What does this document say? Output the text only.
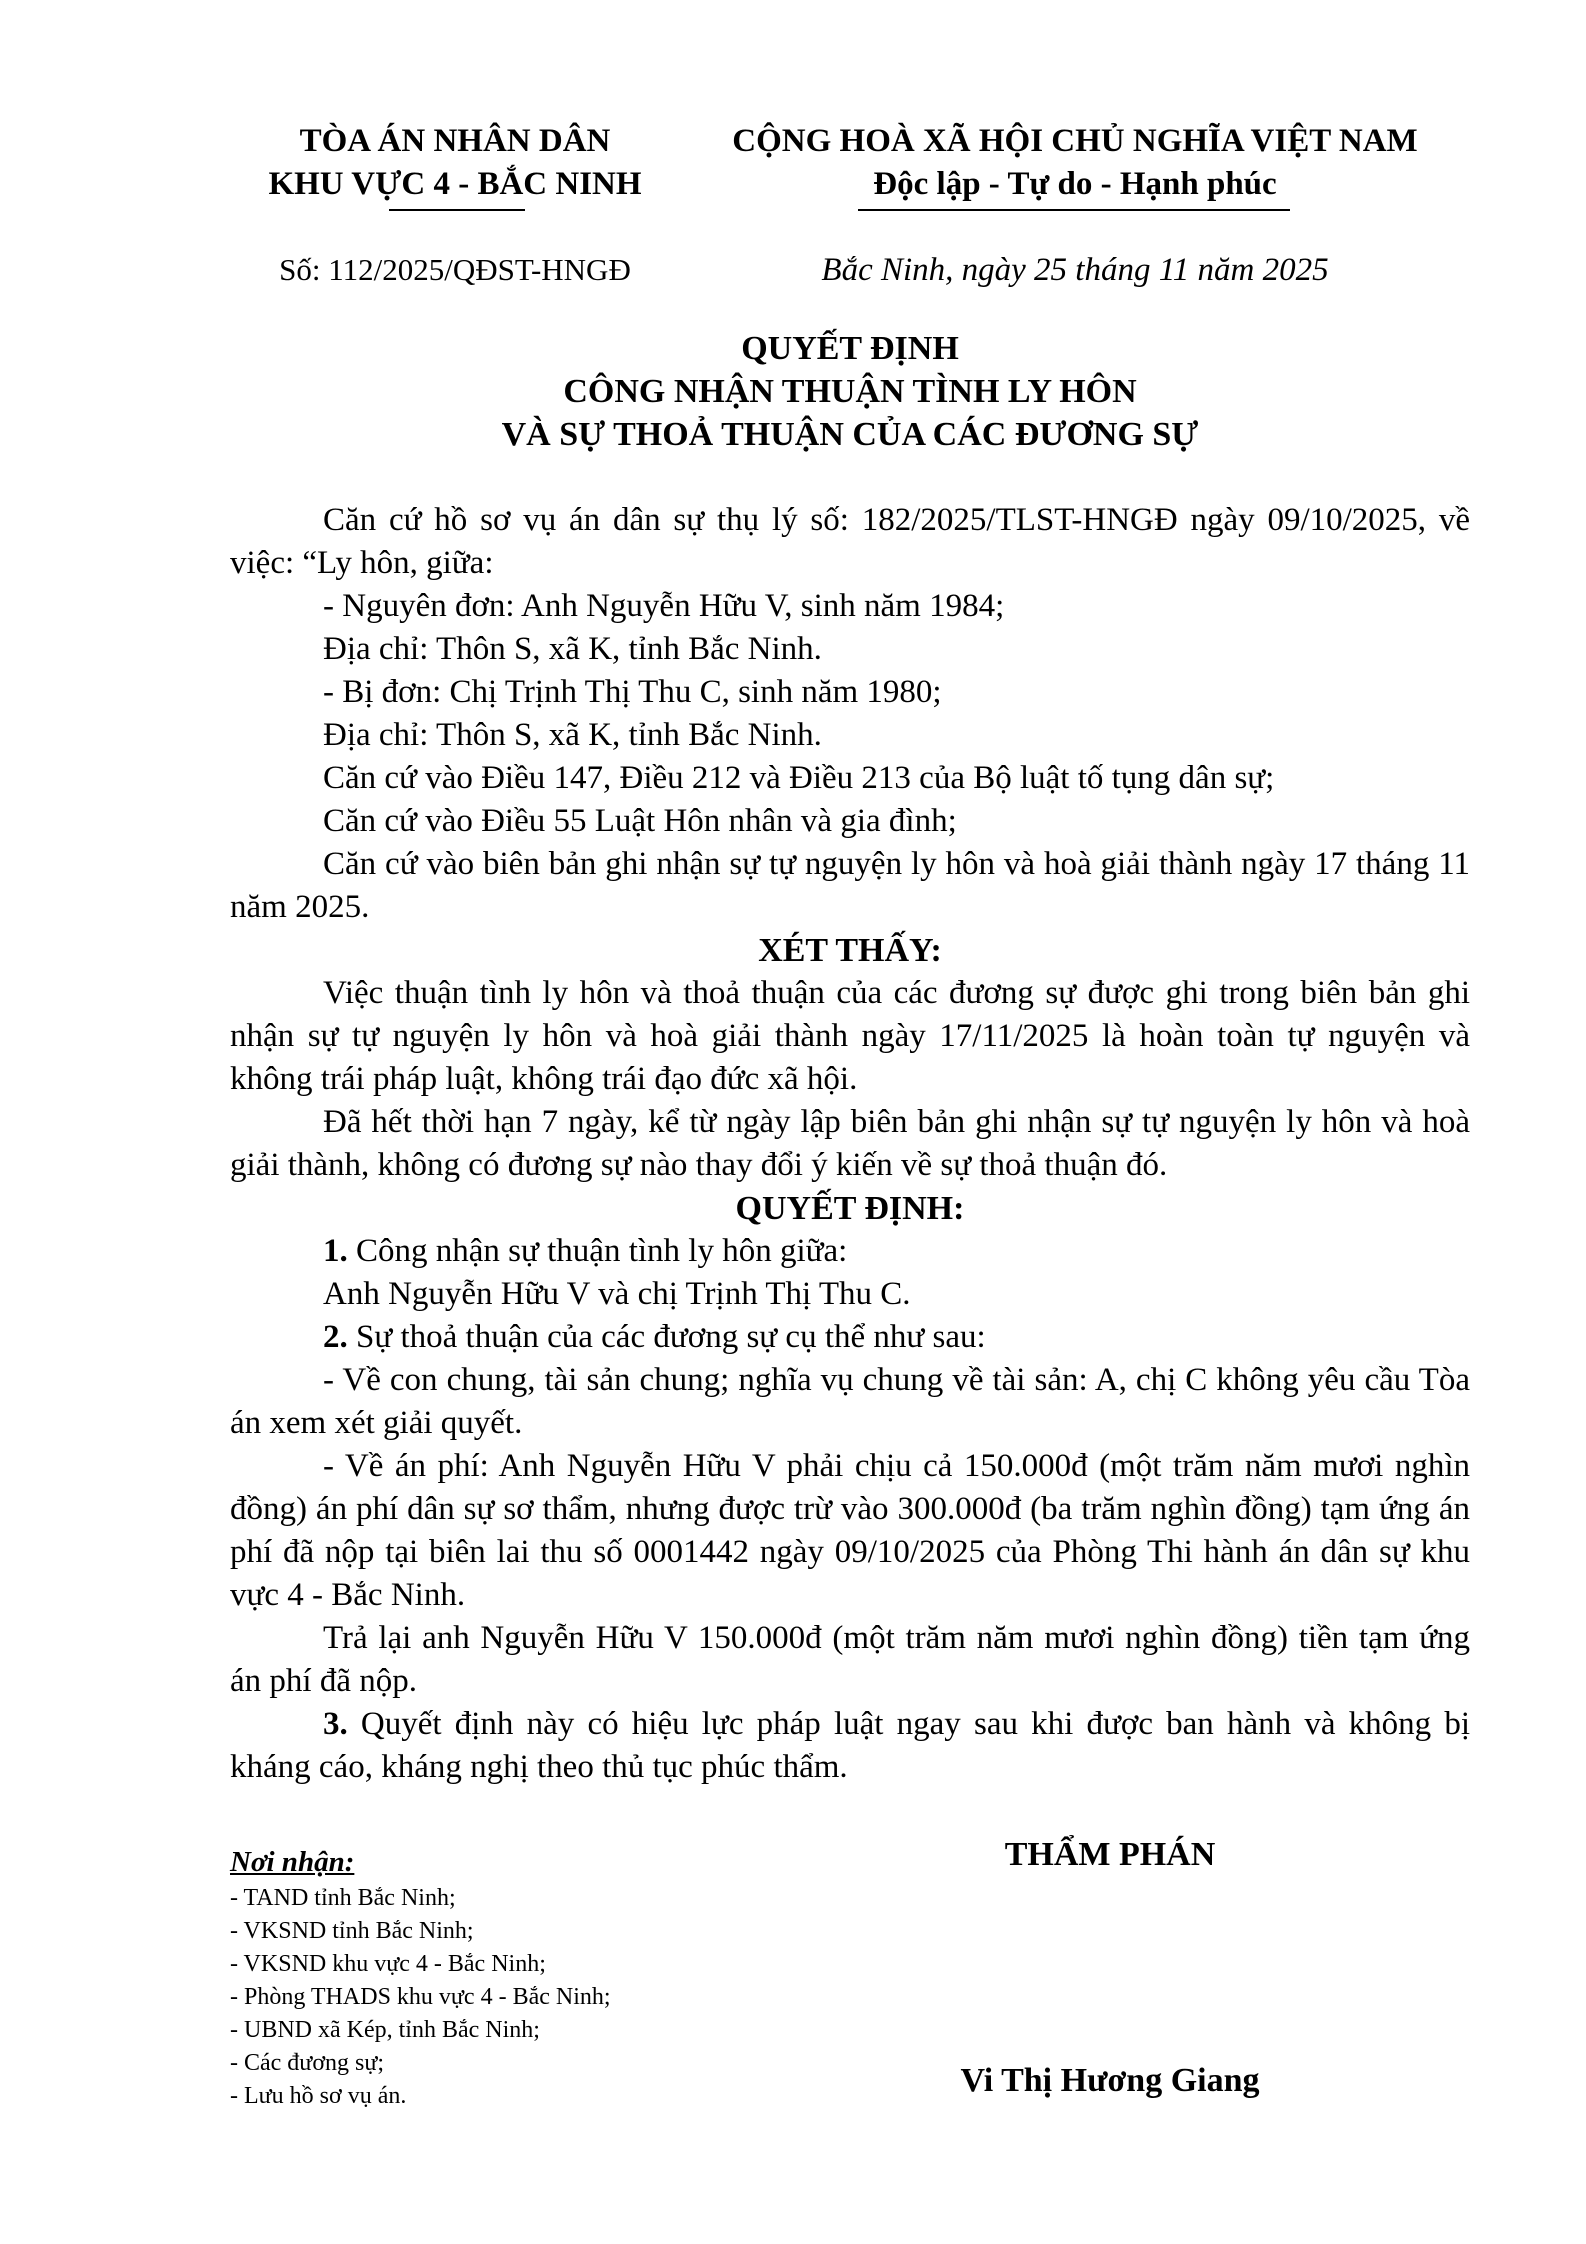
TÒA ÁN NHÂN DÂN
KHU VỰC 4 - BẮC NINH
CỘNG HOÀ XÃ HỘI CHỦ NGHĨA VIỆT NAM
Độc lập - Tự do - Hạnh phúc
Số: 112/2025/QĐST-HNGĐ	Bắc Ninh, ngày 25 tháng 11 năm 2025
QUYẾT ĐỊNH
CÔNG NHẬN THUẬN TÌNH LY HÔN
VÀ SỰ THOẢ THUẬN CỦA CÁC ĐƯƠNG SỰ

Căn cứ hồ sơ vụ án dân sự thụ lý số: 182/2025/TLST-HNGĐ ngày 09/10/2025, về việc: “Ly hôn, giữa:

- Nguyên đơn: Anh Nguyễn Hữu V, sinh năm 1984;

Địa chỉ: Thôn S, xã K, tỉnh Bắc Ninh.

- Bị đơn: Chị Trịnh Thị Thu C, sinh năm 1980;

Địa chỉ: Thôn S, xã K, tỉnh Bắc Ninh.

Căn cứ vào Điều 147, Điều 212 và Điều 213 của Bộ luật tố tụng dân sự;

Căn cứ vào Điều 55 Luật Hôn nhân và gia đình;

Căn cứ vào biên bản ghi nhận sự tự nguyện ly hôn và hoà giải thành ngày 17 tháng 11 năm 2025.

XÉT THẤY:

Việc thuận tình ly hôn và thoả thuận của các đương sự được ghi trong biên bản ghi nhận sự tự nguyện ly hôn và hoà giải thành ngày 17/11/2025 là hoàn toàn tự nguyện và không trái pháp luật, không trái đạo đức xã hội.

Đã hết thời hạn 7 ngày, kể từ ngày lập biên bản ghi nhận sự tự nguyện ly hôn và hoà giải thành, không có đương sự nào thay đổi ý kiến về sự thoả thuận đó.

QUYẾT ĐỊNH:

1. Công nhận sự thuận tình ly hôn giữa:

Anh Nguyễn Hữu V và chị Trịnh Thị Thu C.

2. Sự thoả thuận của các đương sự cụ thể như sau:

- Về con chung, tài sản chung; nghĩa vụ chung về tài sản: A, chị C không yêu cầu Tòa án xem xét giải quyết.

- Về án phí: Anh Nguyễn Hữu V phải chịu cả 150.000đ (một trăm năm mươi nghìn đồng) án phí dân sự sơ thẩm, nhưng được trừ vào 300.000đ (ba trăm nghìn đồng) tạm ứng án phí đã nộp tại biên lai thu số 0001442 ngày 09/10/2025 của Phòng Thi hành án dân sự khu vực 4 - Bắc Ninh.

Trả lại anh Nguyễn Hữu V 150.000đ (một trăm năm mươi nghìn đồng) tiền tạm ứng án phí đã nộp.

3. Quyết định này có hiệu lực pháp luật ngay sau khi được ban hành và không bị kháng cáo, kháng nghị theo thủ tục phúc thẩm.

Nơi nhận:
- TAND tỉnh Bắc Ninh;
- VKSND tỉnh Bắc Ninh;
- VKSND khu vực 4 - Bắc Ninh;
- Phòng THADS khu vực 4 - Bắc Ninh;
- UBND xã Kép, tỉnh Bắc Ninh;
- Các đương sự;
- Lưu hồ sơ vụ án.
THẨM PHÁN
Vi Thị Hương Giang
